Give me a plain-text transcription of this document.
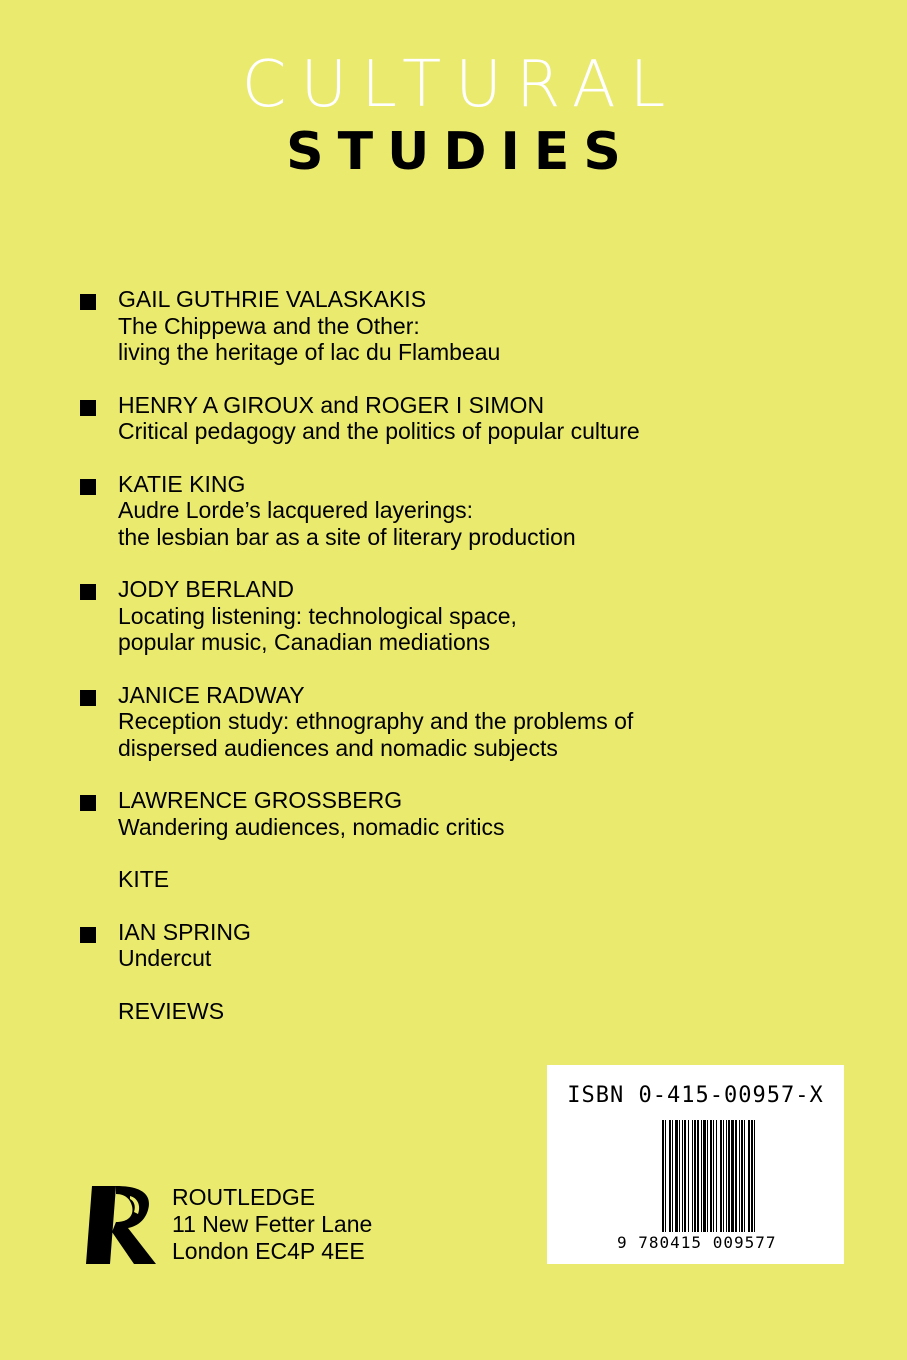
CULTURAL
STUDIES
GAIL GUTHRIE VALASKAKIS
The Chippewa and the Other:
living the heritage of lac du Flambeau
HENRY A GIROUX and ROGER I SIMON
Critical pedagogy and the politics of popular culture
KATIE KING
Audre Lorde’s lacquered layerings:
the lesbian bar as a site of literary production
JODY BERLAND
Locating listening: technological space,
popular music, Canadian mediations
JANICE RADWAY
Reception study: ethnography and the problems of
dispersed audiences and nomadic subjects
LAWRENCE GROSSBERG
Wandering audiences, nomadic critics
KITE
IAN SPRING
Undercut
REVIEWS
ISBN 0-415-00957-X
9 780415 009577
ROUTLEDGE
11 New Fetter Lane
London EC4P 4EE
